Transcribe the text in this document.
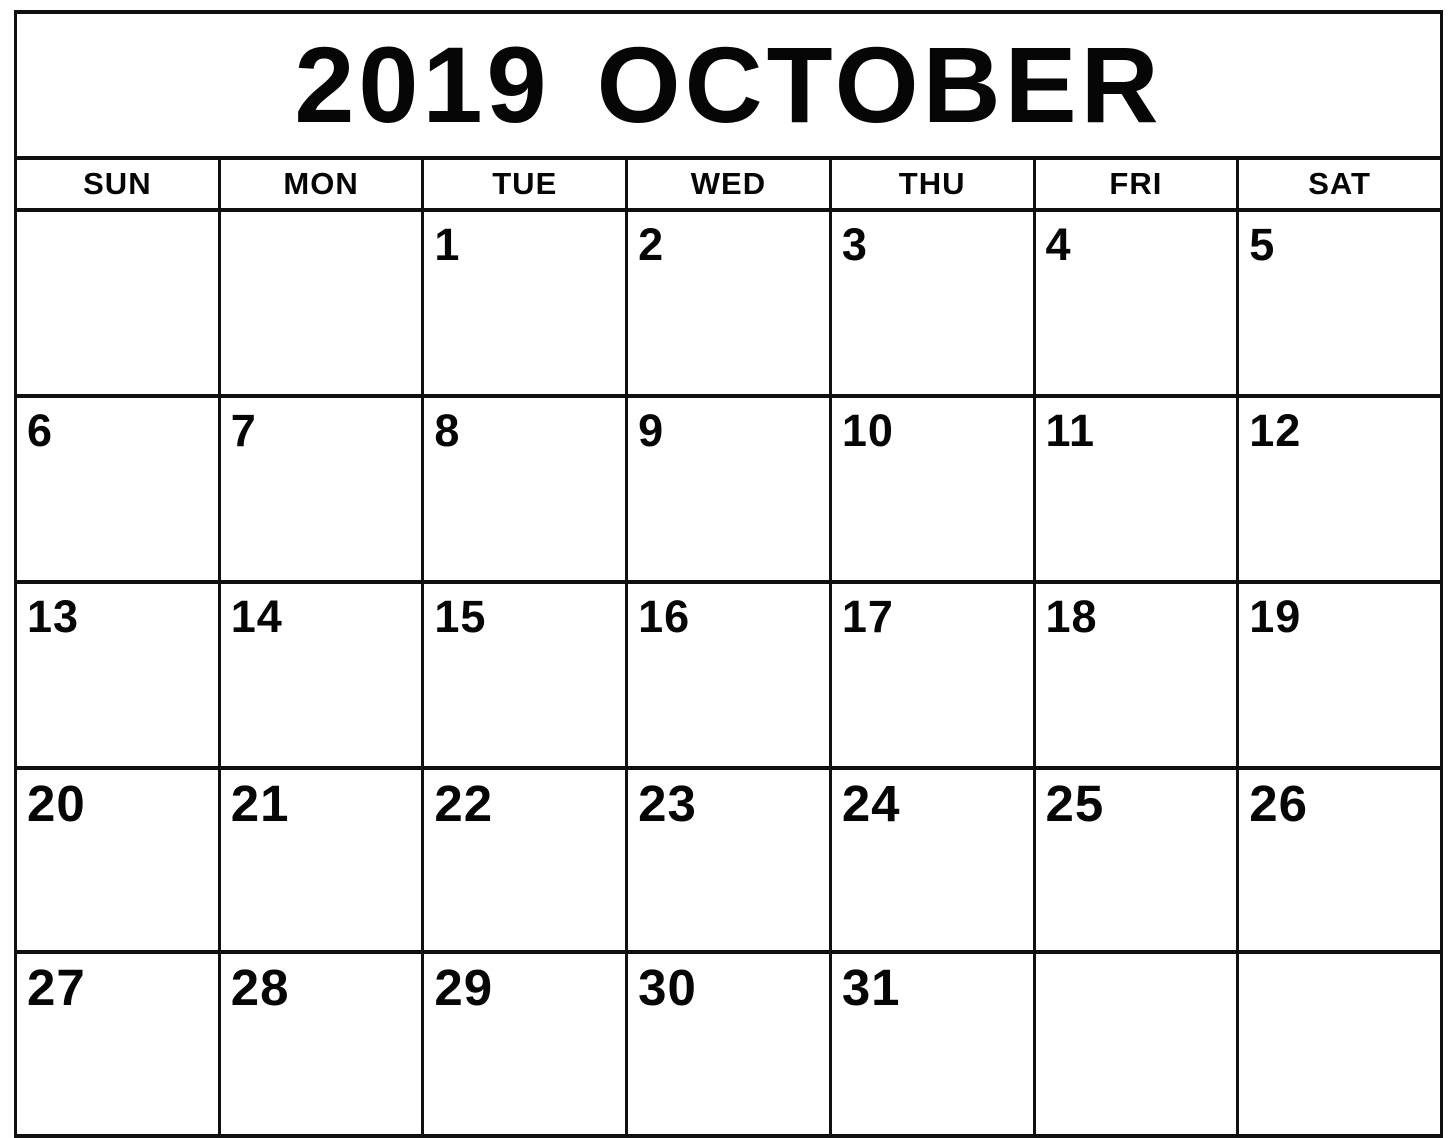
2019 OCTOBER						

SUN	MON	TUE	WED	THU	FRI	SAT
		1	2	3	4	5
6	7	8	9	10	11	12
13	14	15	16	17	18	19
20	21	22	23	24	25	26
27	28	29	30	31		
